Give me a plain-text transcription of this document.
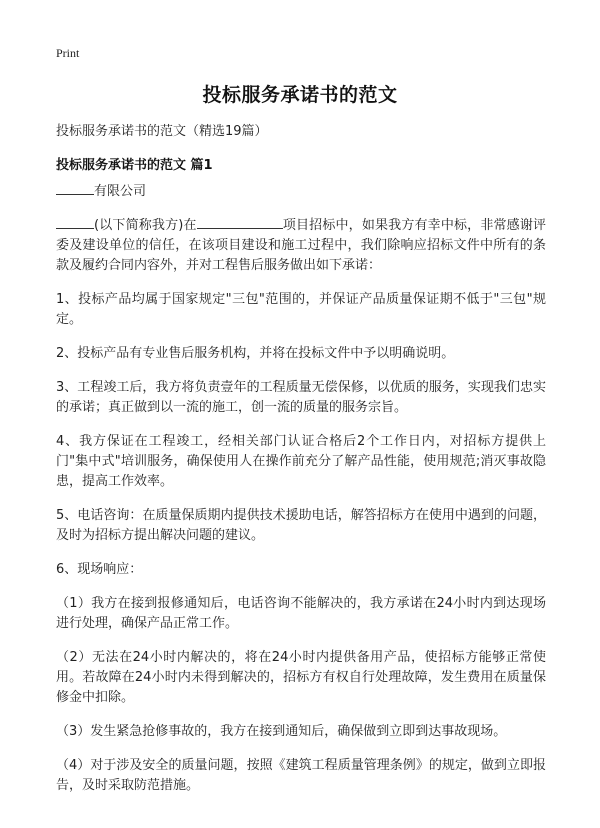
Print
投标服务承诺书的范文
投标服务承诺书的范文（精选19篇）
投标服务承诺书的范文 篇1

有限公司

(以下简称我方)在	项目招标中，如果我方有幸中标，非常感谢评委及建设单位的信任，在该项目建设和施工过程中，我们除响应招标文件中所有的条款及履约合同内容外，并对工程售后服务做出如下承诺：

1、投标产品均属于国家规定"三包"范围的，并保证产品质量保证期不低于"三包"规定。

2、投标产品有专业售后服务机构，并将在投标文件中予以明确说明。

3、工程竣工后，我方将负责壹年的工程质量无偿保修，以优质的服务，实现我们忠实的承诺；真正做到以一流的施工，创一流的质量的服务宗旨。

4、我方保证在工程竣工，经相关部门认证合格后2个工作日内，对招标方提供上门"集中式"培训服务，确保使用人在操作前充分了解产品性能，使用规范;消灭事故隐患，提高工作效率。

5、电话咨询：在质量保质期内提供技术援助电话，解答招标方在使用中遇到的问题，及时为招标方提出解决问题的建议。

6、现场响应：

（1）我方在接到报修通知后，电话咨询不能解决的，我方承诺在24小时内到达现场进行处理，确保产品正常工作。

（2）无法在24小时内解决的，将在24小时内提供备用产品，使招标方能够正常使用。若故障在24小时内未得到解决的，招标方有权自行处理故障，发生费用在质量保修金中扣除。

（3）发生紧急抢修事故的，我方在接到通知后，确保做到立即到达事故现场。

（4）对于涉及安全的质量问题，按照《建筑工程质量管理条例》的规定，做到立即报告，及时采取防范措施。
